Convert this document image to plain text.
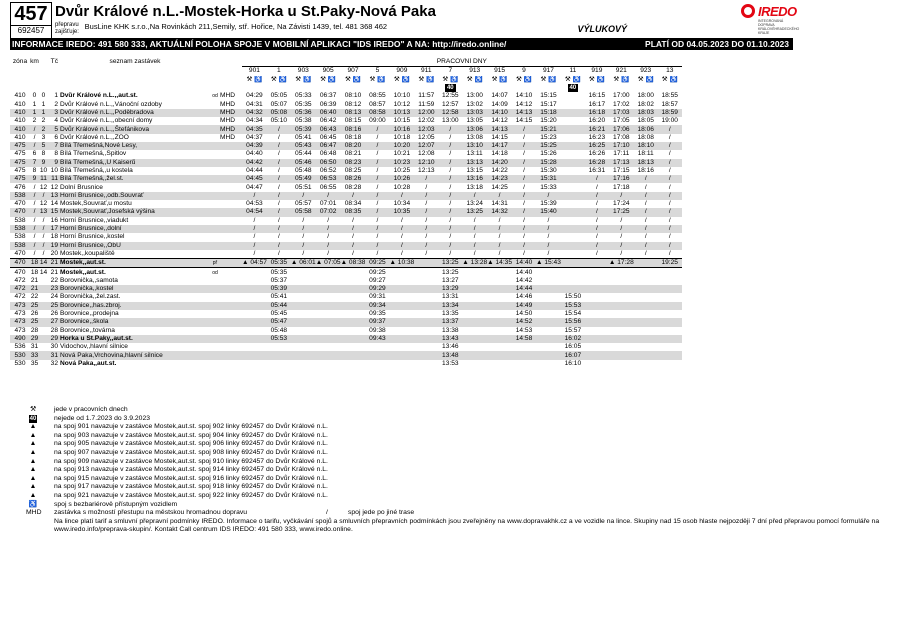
457
692457
Dvůr Králové n.L.-Mostek-Horka u St.Paky-Nová Paka
přepravu zajišťuje: BusLine KHK s.r.o.,Na Rovinkách 211,Semily, stř. Hořice, Na Závisti 1439, tel. 481 368 462	VÝLUKOVÝ
IREDO
INTEGROVANÁ DOPRAVA KRÁLOVÉHRADECKÉHO KRAJE
INFORMACE IREDO: 491 580 333, AKTUÁLNÍ POLOHA SPOJE V MOBILNÍ APLIKACI "IDS IREDO" A NA: http://iredo.online/	PLATÍ OD 04.05.2023 DO 01.10.2023
zóna	km		Tč	seznam zastávek			PRACOVNÍ DNY																	
							901	1	903	905	907	5	909	911	7	913	915	9	917	11	919	921	923	13
							⚒ ♿	⚒ ♿	⚒ ♿	⚒ ♿	⚒ ♿	⚒ ♿	⚒ ♿	⚒ ♿	⚒ ♿	⚒ ♿	⚒ ♿	⚒ ♿	⚒ ♿	⚒ ♿	⚒ ♿	⚒ ♿	⚒ ♿	⚒ ♿
															40					40				
410	0	0	1	Dvůr Králové n.L.,,aut.st.	od	MHD	04:29	05:05	05:33	06:37	08:10	08:55	10:10	11:57	12:55	13:00	14:07	14:10	15:15		16:15	17:00	18:00	18:55
410	1	1	2	Dvůr Králové n.L.,,Vánoční ozdoby		MHD	04:31	05:07	05:35	06:39	08:12	08:57	10:12	11:59	12:57	13:02	14:09	14:12	15:17		16:17	17:02	18:02	18:57
410	1	1	3	Dvůr Králové n.L.,,Poděbradova		MHD	04:32	05:08	05:36	06:40	08:13	08:58	10:13	12:00	12:58	13:03	14:10	14:13	15:18		16:18	17:03	18:03	18:59
410	2	2	4	Dvůr Králové n.L.,,obecní domy		MHD	04:34	05:10	05:38	06:42	08:15	09:00	10:15	12:02	13:00	13:05	14:12	14:15	15:20		16:20	17:05	18:05	19:00
410	/	2	5	Dvůr Králové n.L.,,Štefánikova		MHD	04:35	/	05:39	06:43	08:16	/	10:16	12:03	/	13:06	14:13	/	15:21		16:21	17:06	18:06	/
410	/	3	6	Dvůr Králové n.L.,,ZOO		MHD	04:37	/	05:41	06:45	08:18	/	10:18	12:05	/	13:08	14:15	/	15:23		16:23	17:08	18:08	/
475	/	5	7	Bílá Třemešná,Nové Lesy,			04:39	/	05:43	06:47	08:20	/	10:20	12:07	/	13:10	14:17	/	15:25		16:25	17:10	18:10	/
475	6	8	8	Bílá Třemešná,,Špitlov			04:40	/	05:44	06:48	08:21	/	10:21	12:08	/	13:11	14:18	/	15:26		16:26	17:11	18:11	/
475	7	9	9	Bílá Třemešná,,U Kaiserů			04:42	/	05:46	06:50	08:23	/	10:23	12:10	/	13:13	14:20	/	15:28		16:28	17:13	18:13	/
475	8	10	10	Bílá Třemešná,,u kostela			04:44	/	05:48	06:52	08:25	/	10:25	12:13	/	13:15	14:22	/	15:30		16:31	17:15	18:16	/
475	9	11	11	Bílá Třemešná,,žel.st.			04:45	/	05:49	06:53	08:26	/	10:26	/	/	13:16	14:23	/	15:31		/	17:16	/	/
476	/	12	12	Dolní Brusnice			04:47	/	05:51	06:55	08:28	/	10:28	/	/	13:18	14:25	/	15:33		/	17:18	/	/
538	/	/	13	Horní Brusnice,,odb.Souvrať			/	/	/	/	/	/	/	/	/	/	/	/	/		/	/	/	/
470	/	12	14	Mostek,Souvrať,u mostu			04:53	/	05:57	07:01	08:34	/	10:34	/	/	13:24	14:31	/	15:39		/	17:24	/	/
470	/	13	15	Mostek,Souvrať,Josefská výšina			04:54	/	05:58	07:02	08:35	/	10:35	/	/	13:25	14:32	/	15:40		/	17:25	/	/
538	/	/	16	Horní Brusnice,,viadukt			/	/	/	/	/	/	/	/	/	/	/	/	/		/	/	/	/
538	/	/	17	Horní Brusnice,,dolní			/	/	/	/	/	/	/	/	/	/	/	/	/		/	/	/	/
538	/	/	18	Horní Brusnice,,kostel			/	/	/	/	/	/	/	/	/	/	/	/	/		/	/	/	/
538	/	/	19	Horní Brusnice,,ObÚ			/	/	/	/	/	/	/	/	/	/	/	/	/		/	/	/	/
470	/	/	20	Mostek,,koupaliště			/	/	/	/	/	/	/	/	/	/	/	/	/		/	/	/	/
470	18	14	21	Mostek,,aut.st.	př		▲ 04:57	05:35	▲ 06:01	▲ 07:05	▲ 08:38	09:25	▲ 10:38		13:25	▲ 13:28	▲ 14:35	14:40	▲ 15:43			▲ 17:28		19:25
470	18	14	21	Mostek,,aut.st.	od			05:35				09:25			13:25			14:40						
472	21		22	Borovnička,,samota				05:37				09:27			13:27			14:42						
472	21		23	Borovnička,,kostel				05:39				09:29			13:29			14:44						
472	22		24	Borovnička,,žel.zast.				05:41				09:31			13:31			14:46		15:50				
473	25		25	Borovnice,,has.zbroj.				05:44				09:34			13:34			14:49		15:53				
473	26		26	Borovnice,,prodejna				05:45				09:35			13:35			14:50		15:54				
473	25		27	Borovnice,,škola				05:47				09:37			13:37			14:52		15:56				
473	28		28	Borovnice,,továrna				05:48				09:38			13:38			14:53		15:57				
490	29		29	Horka u St.Paky,,aut.st.				05:53				09:43			13:43			14:58		16:02				
536	31		30	Vidochov,,hlavní silnice											13:46					16:05				
530	33		31	Nová Paka,Vrchovina,hlavní silnice											13:48					16:07				
530	35		32	Nová Paka,,aut.st.											13:53					16:10				
⚒	jede v pracovních dnech
40	nejede od 1.7.2023 do 3.9.2023
▲	na spoj 901 navazuje v zastávce Mostek,aut.st. spoj 902 linky 692457 do Dvůr Králové n.L.
▲	na spoj 903 navazuje v zastávce Mostek,aut.st. spoj 904 linky 692457 do Dvůr Králové n.L.
▲	na spoj 905 navazuje v zastávce Mostek,aut.st. spoj 906 linky 692457 do Dvůr Králové n.L.
▲	na spoj 907 navazuje v zastávce Mostek,aut.st. spoj 908 linky 692457 do Dvůr Králové n.L.
▲	na spoj 909 navazuje v zastávce Mostek,aut.st. spoj 910 linky 692457 do Dvůr Králové n.L.
▲	na spoj 913 navazuje v zastávce Mostek,aut.st. spoj 914 linky 692457 do Dvůr Králové n.L.
▲	na spoj 915 navazuje v zastávce Mostek,aut.st. spoj 916 linky 692457 do Dvůr Králové n.L.
▲	na spoj 917 navazuje v zastávce Mostek,aut.st. spoj 918 linky 692457 do Dvůr Králové n.L.
▲	na spoj 921 navazuje v zastávce Mostek,aut.st. spoj 922 linky 692457 do Dvůr Králové n.L.
♿	spoj s bezbariérově přístupným vozidlem
MHD zastávka s možností přestupu na městskou hromadnou dopravu	/	spoj jede po jiné trase
Na lince platí tarif a smluvní přepravní podmínky IREDO. Informace o tarifu, vyčkávání spojů a smluvních přepravních podmínkách jsou zveřejněny na www.dopravakhk.cz a ve vozidle na lince. Skupiny nad 15 osob hlaste nejpozději 7 dní před přepravou pomocí formuláře na www.iredo.info/preprava-skupin/. Kontakt Call centrum IDS IREDO: 491 580 333, www.iredo.online.
